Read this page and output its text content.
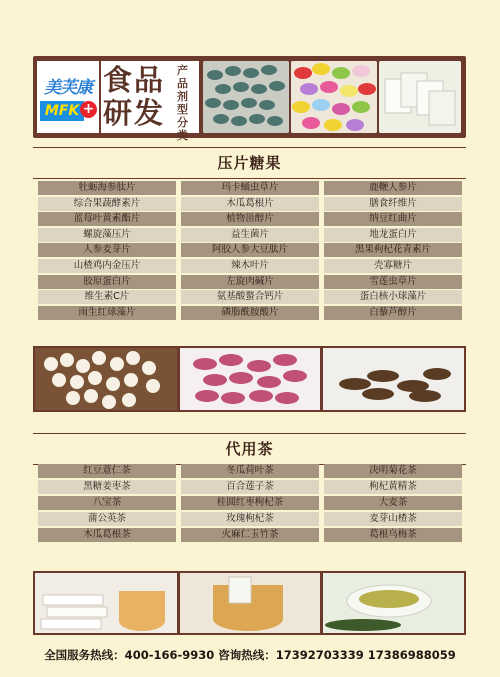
美芙康
MFK +
食品研发
产品剂型分类
压片糖果
牡蛎海参肽片	玛卡蛹虫草片	鹿鞭人参片
综合果蔬酵素片	木瓜葛根片	膳食纤维片
蓝莓叶黄素酯片	植物甾醇片	纳豆红曲片
螺旋藻压片	益生菌片	地龙蛋白片
人参麦芽片	阿胶人参大豆肽片	黑果枸杞花青素片
山楂鸡内金压片	辣木叶片	壳寡糖片
胶原蛋白片	左旋肉碱片	雪莲虫草片
维生素C片	氨基酸螯合钙片	蛋白核小球藻片
雨生红球藻片	磷脂酰胺酸片	白藜芦醇片
代用茶
红豆薏仁茶	冬瓜荷叶茶	决明菊花茶
黑糖姜枣茶	百合莲子茶	枸杞黄精茶
八宝茶	桂圆红枣枸杞茶	大麦茶
蒲公英茶	玫瑰枸杞茶	麦芽山楂茶
木瓜葛根茶	火麻仁玉竹茶	葛根乌梅茶
全国服务热线：400-166-9930 咨询热线：17392703339 17386988059
